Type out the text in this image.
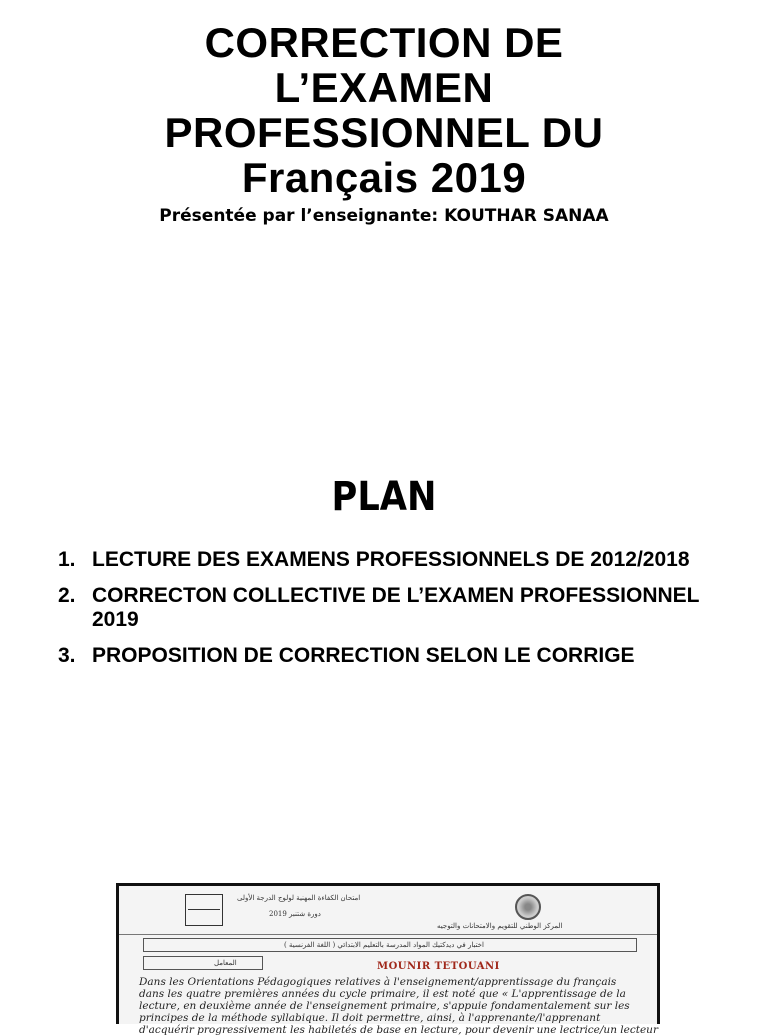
CORRECTION DE
L’EXAMEN
PROFESSIONNEL DU
Français 2019
Présentée par l’enseignante: KOUTHAR SANAA
PLAN
1. LECTURE DES EXAMENS PROFESSIONNELS DE 2012/2018
2. CORRECTON COLLECTIVE DE L’EXAMEN PROFESSIONNEL 2019
3. PROPOSITION DE CORRECTION SELON LE CORRIGE
امتحان الكفاءة المهنية لولوج الدرجة الأولى
دورة شتنبر 2019
المركز الوطني للتقويم والامتحانات والتوجيه
اختبار في ديدكتيك المواد المدرسة بالتعليم الابتدائي ( اللغة الفرنسية )
المعامل	MOUNIR TETOUANI
Dans les Orientations Pédagogiques relatives à l'enseignement/apprentissage du français
dans les quatre premières années du cycle primaire, il est noté que « L'apprentissage de la
lecture, en deuxième année de l'enseignement primaire, s'appuie fondamentalement sur les
principes de la méthode syllabique. Il doit permettre, ainsi, à l'apprenante/l'apprenant
d'acquérir progressivement les habiletés de base en lecture, pour devenir une lectrice/un lecteur
